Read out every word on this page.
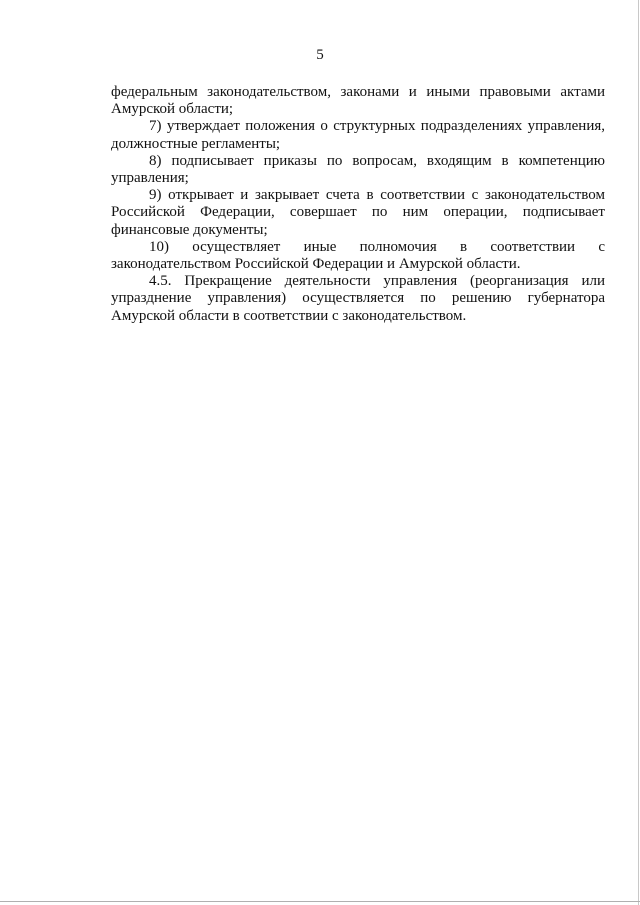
5

федеральным законодательством, законами и иными правовыми актами Амурской области;

7) утверждает положения о структурных подразделениях управления, должностные регламенты;

8) подписывает приказы по вопросам, входящим в компетенцию управления;

9) открывает и закрывает счета в соответствии с законодательством Российской Федерации, совершает по ним операции, подписывает финансовые документы;

10) осуществляет иные полномочия в соответствии с законодательством Российской Федерации и Амурской области.

4.5. Прекращение деятельности управления (реорганизация или упразднение управления) осуществляется по решению губернатора Амурской области в соответствии с законодательством.
